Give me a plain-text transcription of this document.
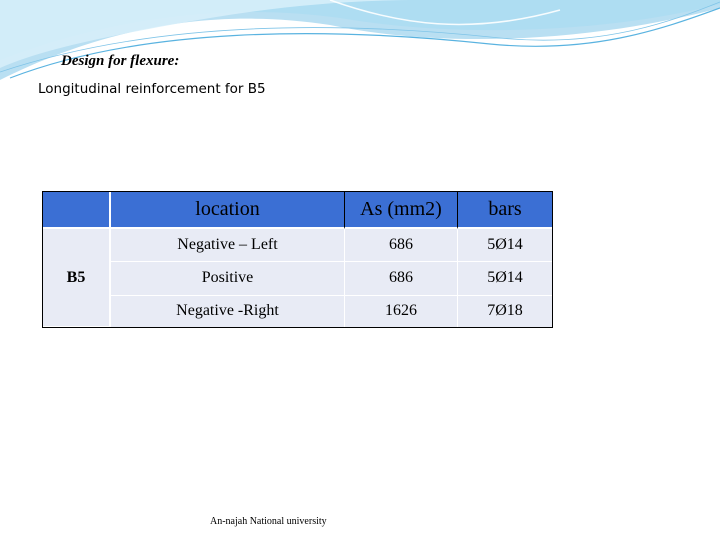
Design for flexure:
Longitudinal reinforcement for B5
	location	As (mm2)	bars
B5	Negative – Left	686	5Ø14
	Positive	686	5Ø14
	Negative -Right	1626	7Ø18
An-najah National university
